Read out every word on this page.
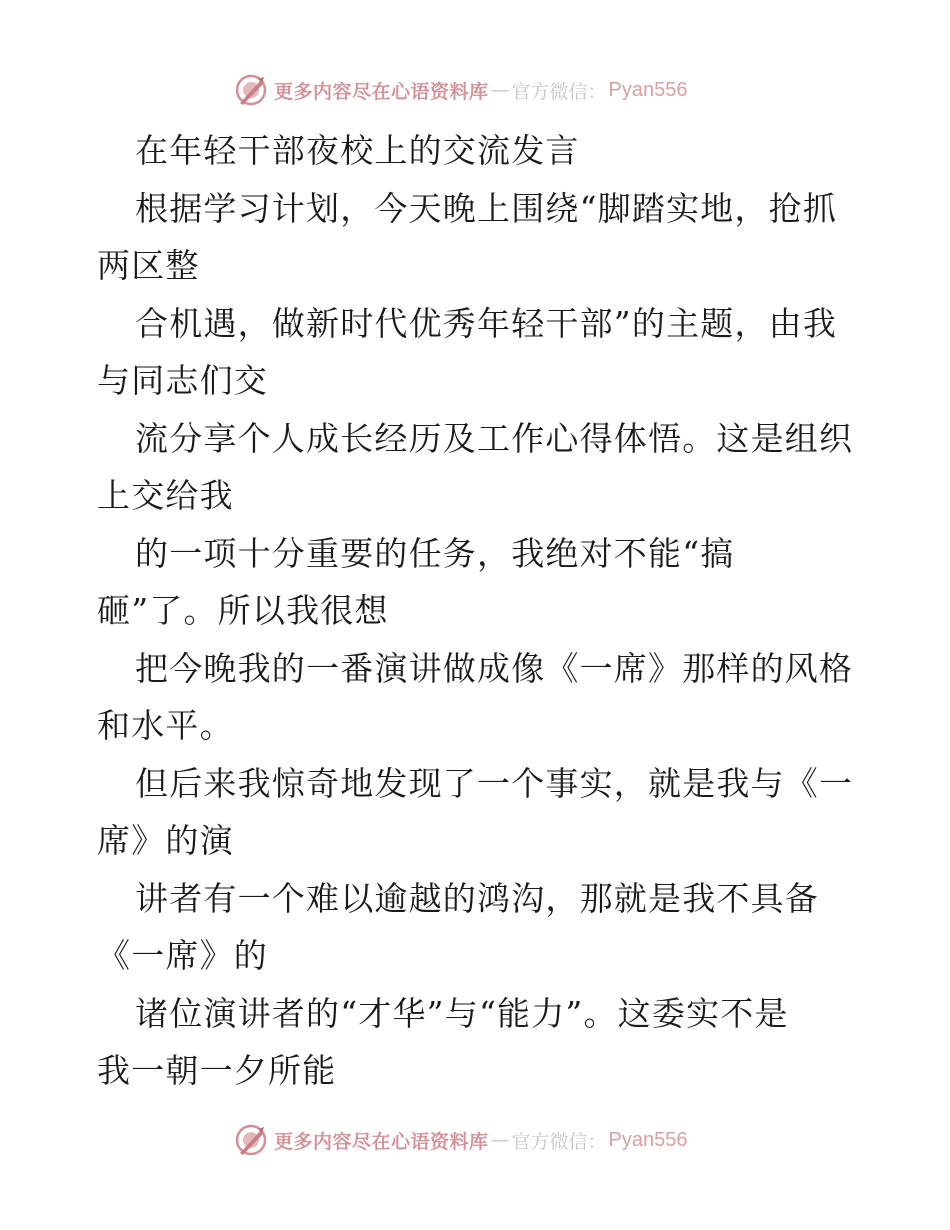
更多内容尽在心语资料库 — 官方微信： Pyan556
在年轻干部夜校上的交流发言
根据学习计划，今天晚上围绕“脚踏实地，抢抓
两区整
合机遇，做新时代优秀年轻干部”的主题，由我
与同志们交
流分享个人成长经历及工作心得体悟。这是组织
上交给我
的一项十分重要的任务，我绝对不能“搞
砸”了。所以我很想
把今晚我的一番演讲做成像《一席》那样的风格
和水平。
但后来我惊奇地发现了一个事实，就是我与《一
席》的演
讲者有一个难以逾越的鸿沟，那就是我不具备
《一席》的
诸位演讲者的“才华”与“能力”。这委实不是
我一朝一夕所能
更多内容尽在心语资料库 — 官方微信： Pyan556
